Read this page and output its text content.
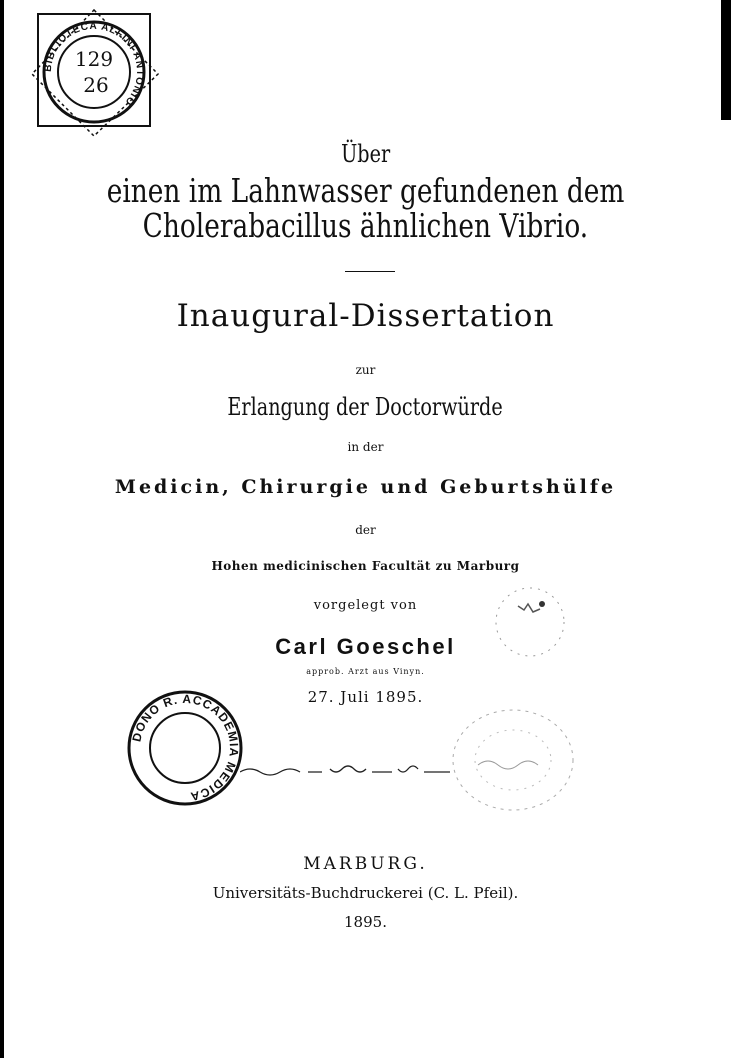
BIBLIOTECA ALFINI ANTONIO
129
26
Über
einen im Lahnwasser gefundenen dem
Cholerabacillus ähnlichen Vibrio.
Inaugural-Dissertation
zur
Erlangung der Doctorwürde
in der
Medicin, Chirurgie und Geburtshülfe
der
Hohen medicinischen Facultät zu Marburg
vorgelegt von
Carl Goeschel
approb. Arzt aus Vinyn.
27. Juli 1895.
DONO R. ACCADEMIA MEDICA
MARBURG.
Universitäts-Buchdruckerei (C. L. Pfeil).
1895.
